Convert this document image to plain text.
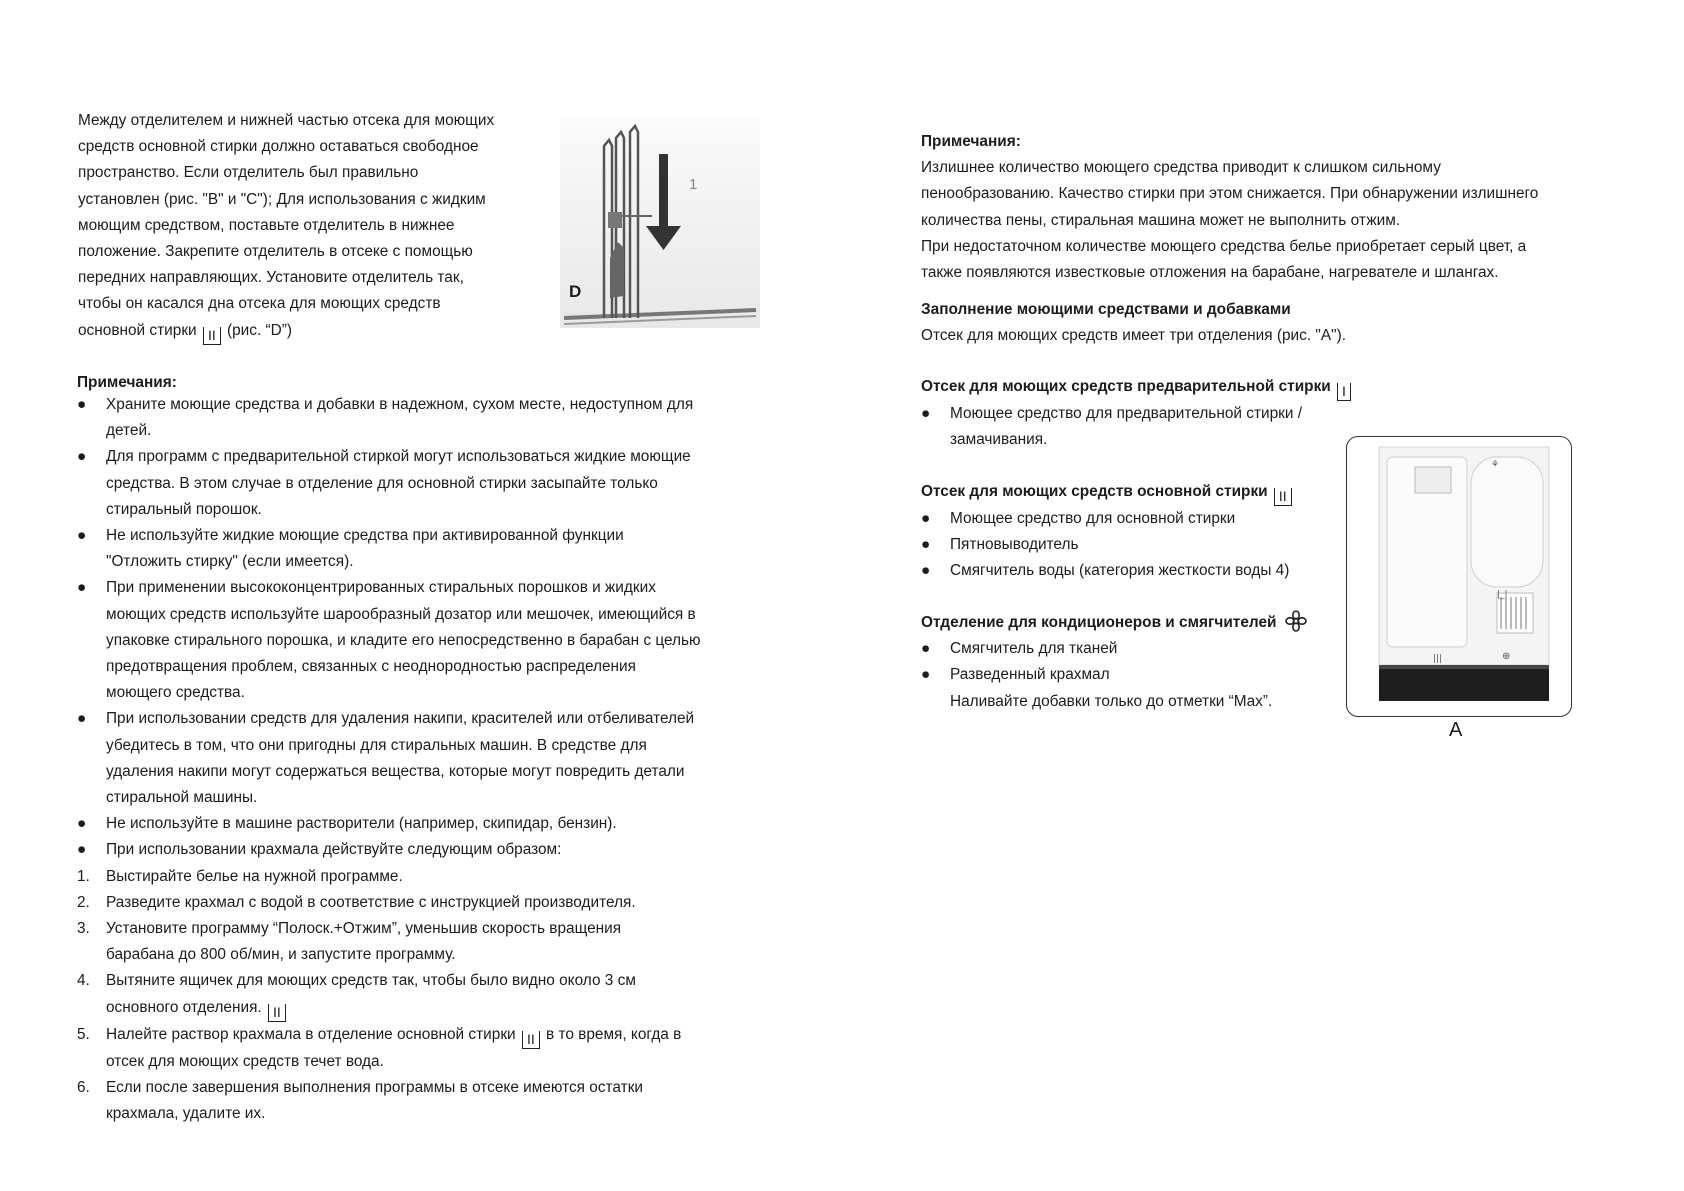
Между отделителем и нижней частью отсека для моющих
средств основной стирки должно оставаться свободное
пространство. Если отделитель был правильно
установлен (рис. "В" и "С"); Для использования с жидким
моющим средством, поставьте отделитель в нижнее
положение. Закрепите отделитель в отсеке с помощью
передних направляющих. Установите отделитель так,
чтобы он касался дна отсека для моющих средств
основной стирки II (рис. “D”)
1
D
Примечания:
● Храните моющие средства и добавки в надежном, сухом месте, недоступном для
детей.
● Для программ с предварительной стиркой могут использоваться жидкие моющие
средства. В этом случае в отделение для основной стирки засыпайте только
стиральный порошок.
● Не используйте жидкие моющие средства при активированной функции
"Отложить стирку" (если имеется).
● При применении высококонцентрированных стиральных порошков и жидких
моющих средств используйте шарообразный дозатор или мешочек, имеющийся в
упаковке стирального порошка, и кладите его непосредственно в барабан с целью
предотвращения проблем, связанных с неоднородностью распределения
моющего средства.
● При использовании средств для удаления накипи, красителей или отбеливателей
убедитесь в том, что они пригодны для стиральных машин. В средстве для
удаления накипи могут содержаться вещества, которые могут повредить детали
стиральной машины.
● Не используйте в машине растворители (например, скипидар, бензин).
● При использовании крахмала действуйте следующим образом:
1. Выстирайте белье на нужной программе.
2. Разведите крахмал с водой в соответствие с инструкцией производителя.
3. Установите программу “Полоск.+Отжим”, уменьшив скорость вращения
барабана до 800 об/мин, и запустите программу.
4. Вытяните ящичек для моющих средств так, чтобы было видно около 3 см
основного отделения. II
5. Налейте раствор крахмала в отделение основной стирки II в то время, когда в
отсек для моющих средств течет вода.
6. Если после завершения выполнения программы в отсеке имеются остатки
крахмала, удалите их.
Примечания:
Излишнее количество моющего средства приводит к слишком сильному
пенообразованию. Качество стирки при этом снижается. При обнаружении излишнего
количества пены, стиральная машина может не выполнить отжим.
При недостаточном количестве моющего средства белье приобретает серый цвет, а
также появляются известковые отложения на барабане, нагревателе и шлангах.
Заполнение моющими средствами и добавками
Отсек для моющих средств имеет три отделения (рис. "A").
Отсек для моющих средств предварительной стирки I
● Моющее средство для предварительной стирки /
замачивания.
Отсек для моющих средств основной стирки II
● Моющее средство для основной стирки
● Пятновыводитель
● Смягчитель воды (категория жесткости воды 4)
Отделение для кондиционеров и смягчителей
● Смягчитель для тканей
● Разведенный крахмал
Наливайте добавки только до отметки “Max”.
⚘
|_|
|||	⊕
A
